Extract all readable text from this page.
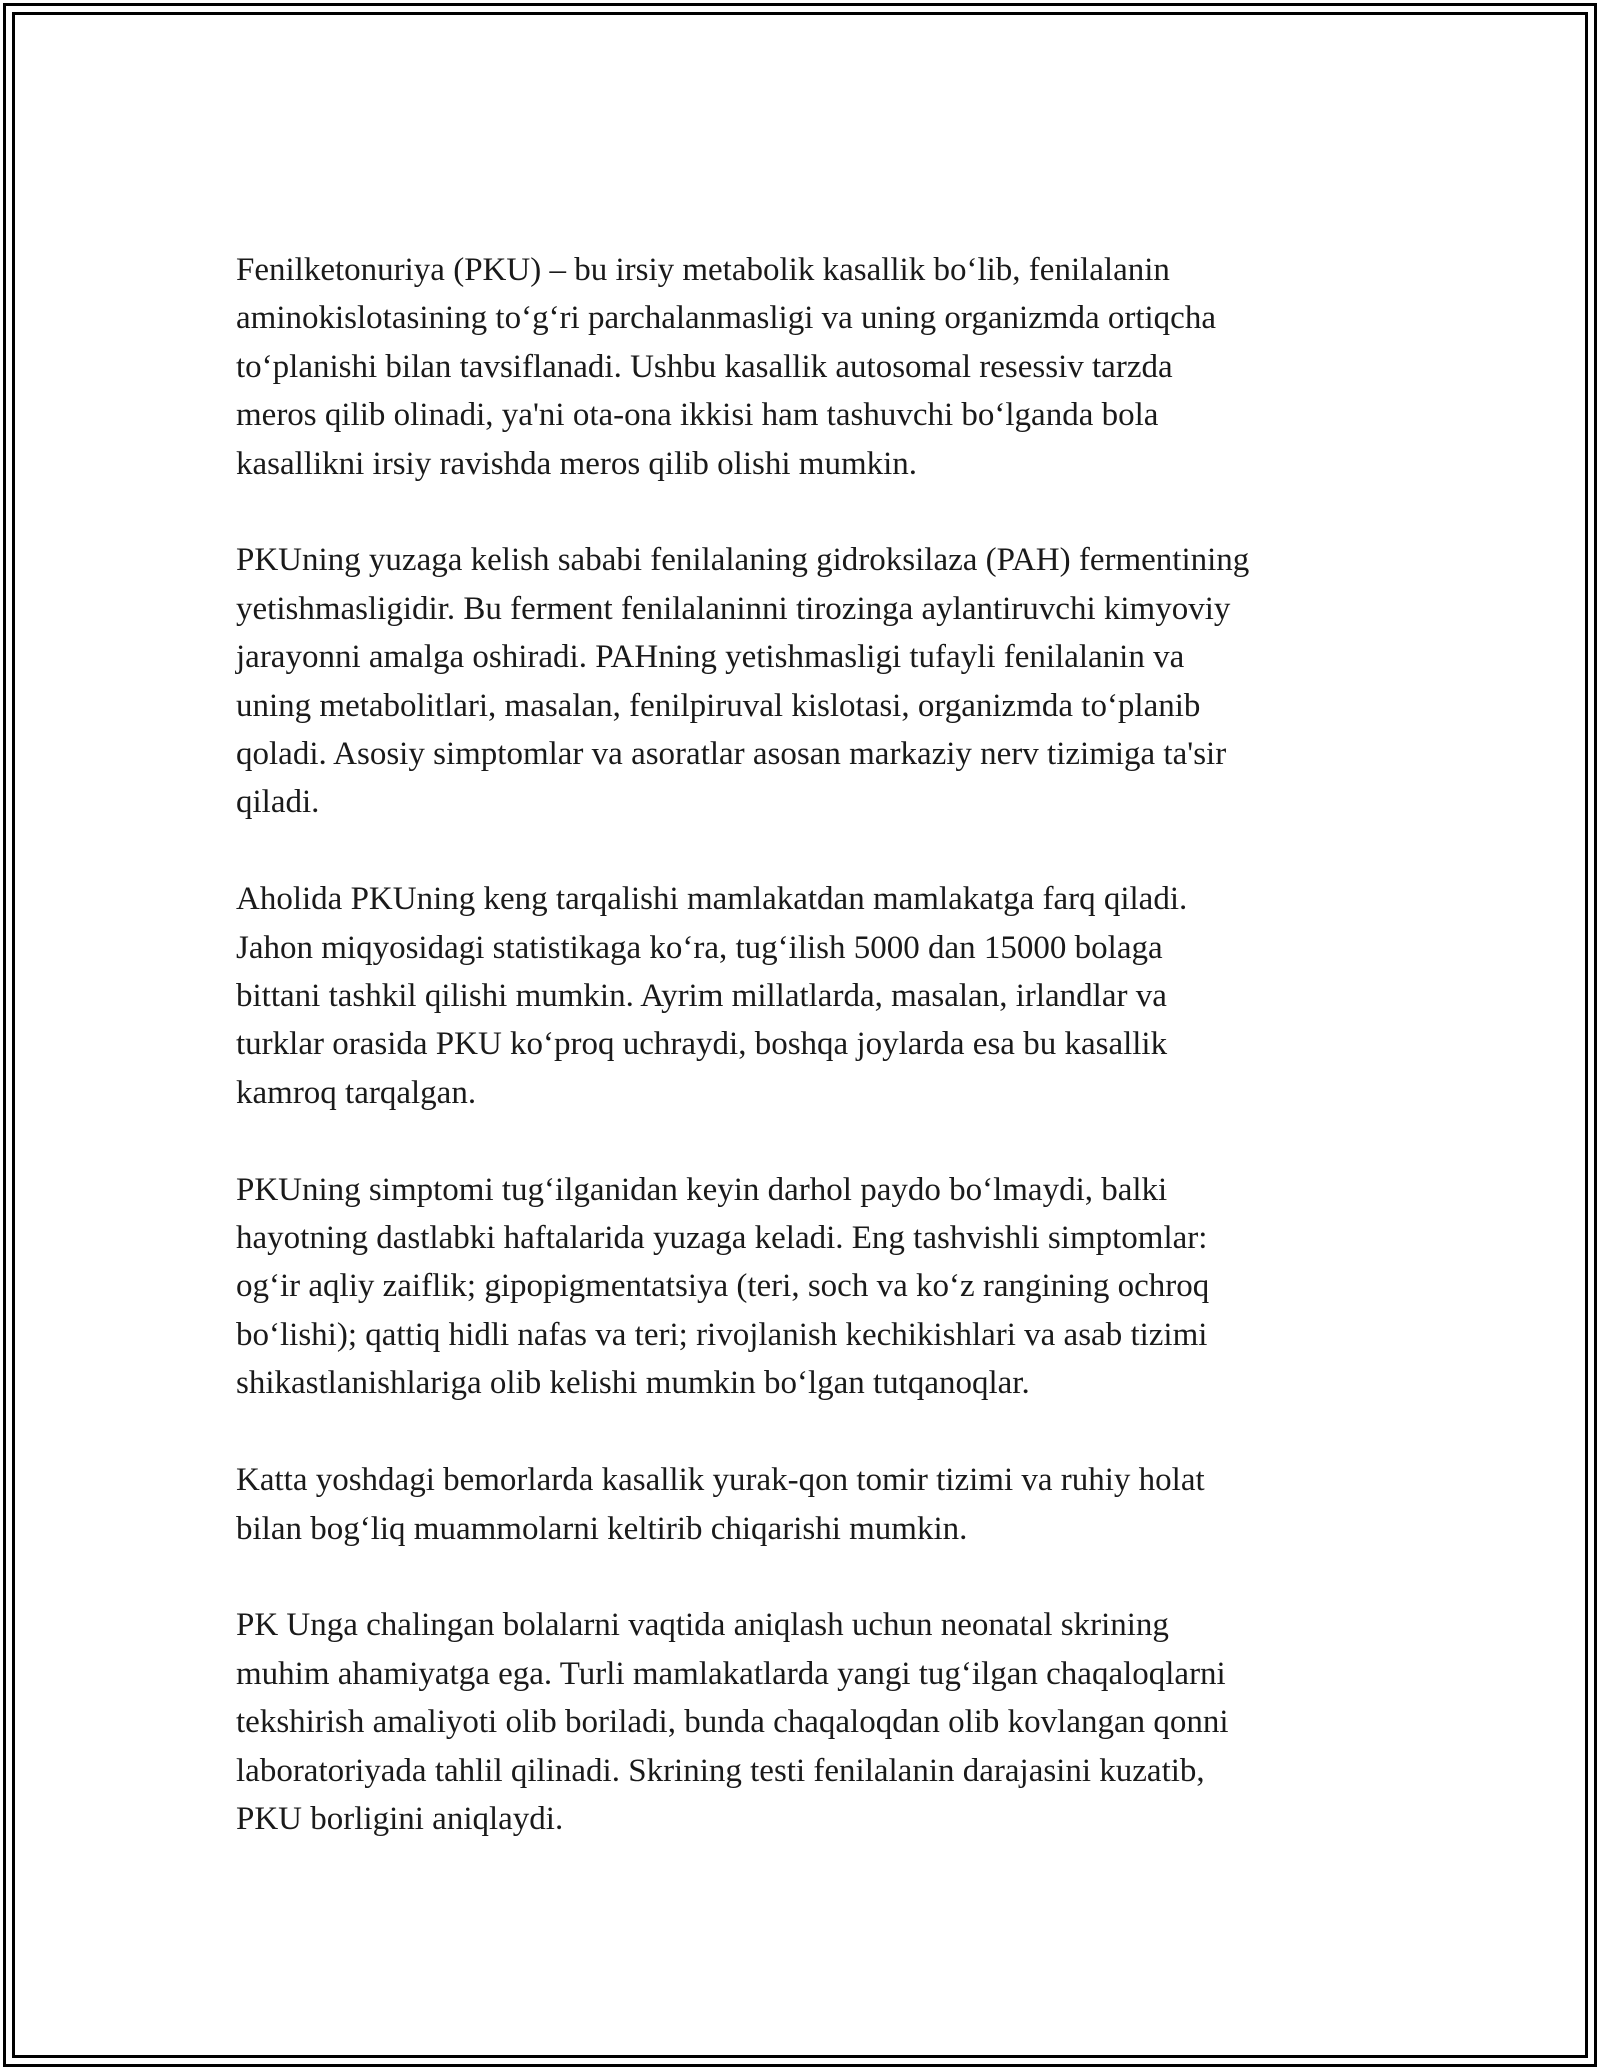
Fenilketonuriya (PKU) – bu irsiy metabolik kasallik bo‘lib, fenilalanin
aminokislotasining to‘g‘ri parchalanmasligi va uning organizmda ortiqcha
to‘planishi bilan tavsiflanadi. Ushbu kasallik autosomal resessiv tarzda
meros qilib olinadi, ya'ni ota-ona ikkisi ham tashuvchi bo‘lganda bola
kasallikni irsiy ravishda meros qilib olishi mumkin.

PKUning yuzaga kelish sababi fenilalaning gidroksilaza (PAH) fermentining
yetishmasligidir. Bu ferment fenilalaninni tirozinga aylantiruvchi kimyoviy
jarayonni amalga oshiradi. PAHning yetishmasligi tufayli fenilalanin va
uning metabolitlari, masalan, fenilpiruval kislotasi, organizmda to‘planib
qoladi. Asosiy simptomlar va asoratlar asosan markaziy nerv tizimiga ta'sir
qiladi.

Aholida PKUning keng tarqalishi mamlakatdan mamlakatga farq qiladi.
Jahon miqyosidagi statistikaga ko‘ra, tug‘ilish 5000 dan 15000 bolaga
bittani tashkil qilishi mumkin. Ayrim millatlarda, masalan, irlandlar va
turklar orasida PKU ko‘proq uchraydi, boshqa joylarda esa bu kasallik
kamroq tarqalgan.

PKUning simptomi tug‘ilganidan keyin darhol paydo bo‘lmaydi, balki
hayotning dastlabki haftalarida yuzaga keladi. Eng tashvishli simptomlar:
og‘ir aqliy zaiflik; gipopigmentatsiya (teri, soch va ko‘z rangining ochroq
bo‘lishi); qattiq hidli nafas va teri; rivojlanish kechikishlari va asab tizimi
shikastlanishlariga olib kelishi mumkin bo‘lgan tutqanoqlar.

Katta yoshdagi bemorlarda kasallik yurak-qon tomir tizimi va ruhiy holat
bilan bog‘liq muammolarni keltirib chiqarishi mumkin.

PK Unga chalingan bolalarni vaqtida aniqlash uchun neonatal skrining
muhim ahamiyatga ega. Turli mamlakatlarda yangi tug‘ilgan chaqaloqlarni
tekshirish amaliyoti olib boriladi, bunda chaqaloqdan olib kovlangan qonni
laboratoriyada tahlil qilinadi. Skrining testi fenilalanin darajasini kuzatib,
PKU borligini aniqlaydi.
